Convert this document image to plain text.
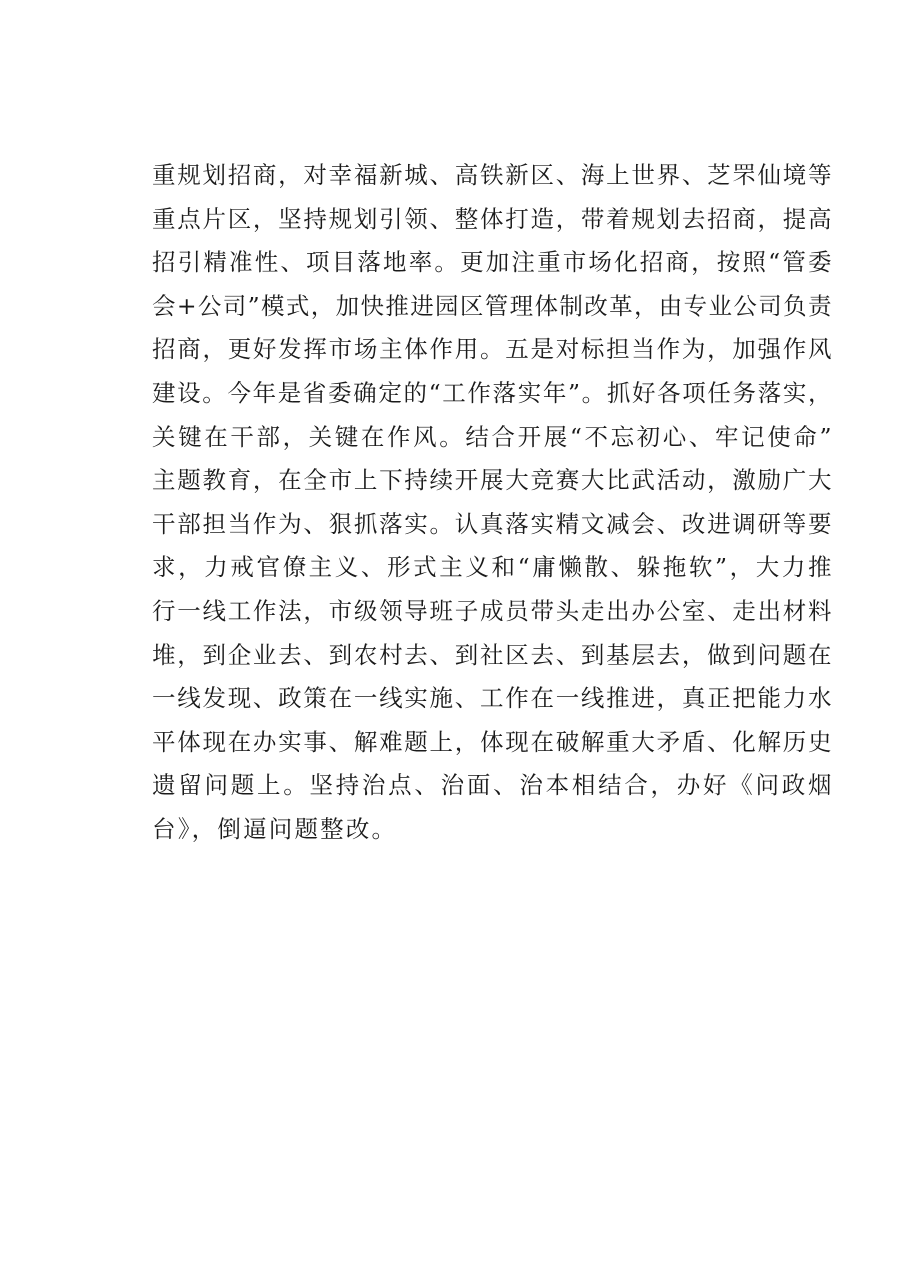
重规划招商，对幸福新城、高铁新区、海上世界、芝罘仙境等
重点片区，坚持规划引领、整体打造，带着规划去招商，提高
招引精准性、项目落地率。更加注重市场化招商，按照“管委
会+公司”模式，加快推进园区管理体制改革，由专业公司负责
招商，更好发挥市场主体作用。五是对标担当作为，加强作风
建设。今年是省委确定的“工作落实年”。抓好各项任务落实，
关键在干部，关键在作风。结合开展“不忘初心、牢记使命”
主题教育，在全市上下持续开展大竞赛大比武活动，激励广大
干部担当作为、狠抓落实。认真落实精文减会、改进调研等要
求，力戒官僚主义、形式主义和“庸懒散、躲拖软”，大力推
行一线工作法，市级领导班子成员带头走出办公室、走出材料
堆，到企业去、到农村去、到社区去、到基层去，做到问题在
一线发现、政策在一线实施、工作在一线推进，真正把能力水
平体现在办实事、解难题上，体现在破解重大矛盾、化解历史
遗留问题上。坚持治点、治面、治本相结合，办好《问政烟
台》，倒逼问题整改。
